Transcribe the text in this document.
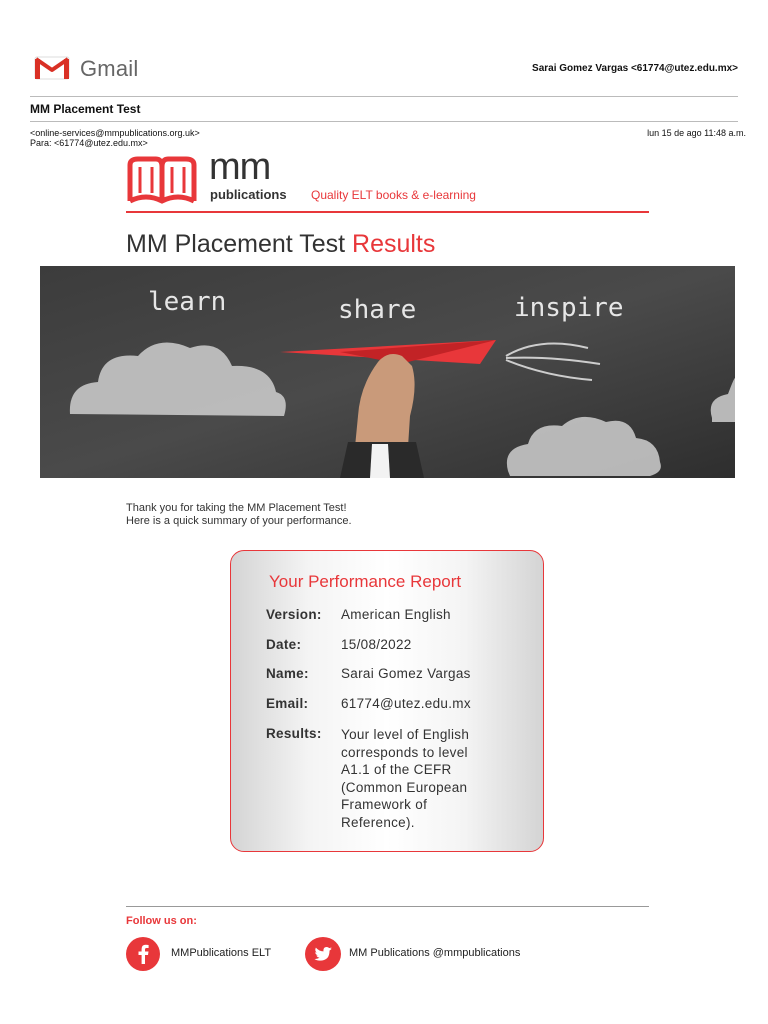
Gmail	Sarai Gomez Vargas <61774@utez.edu.mx>
MM Placement Test
<online-services@mmpublications.org.uk>
Para: <61774@utez.edu.mx>
lun 15 de ago 11:48 a.m.
mm
publications Quality ELT books & e-learning
MM Placement Test Results
learn	share	inspire
Thank you for taking the MM Placement Test!
Here is a quick summary of your performance.
Your Performance Report
Version: American English
Date:	15/08/2022
Name: Sarai Gomez Vargas
Email: 61774@utez.edu.mx
Results: Your level of English
corresponds to level
A1.1 of the CEFR
(Common European
Framework of
Reference).
Follow us on:
MMPublications ELT	MM Publications @mmpublications
